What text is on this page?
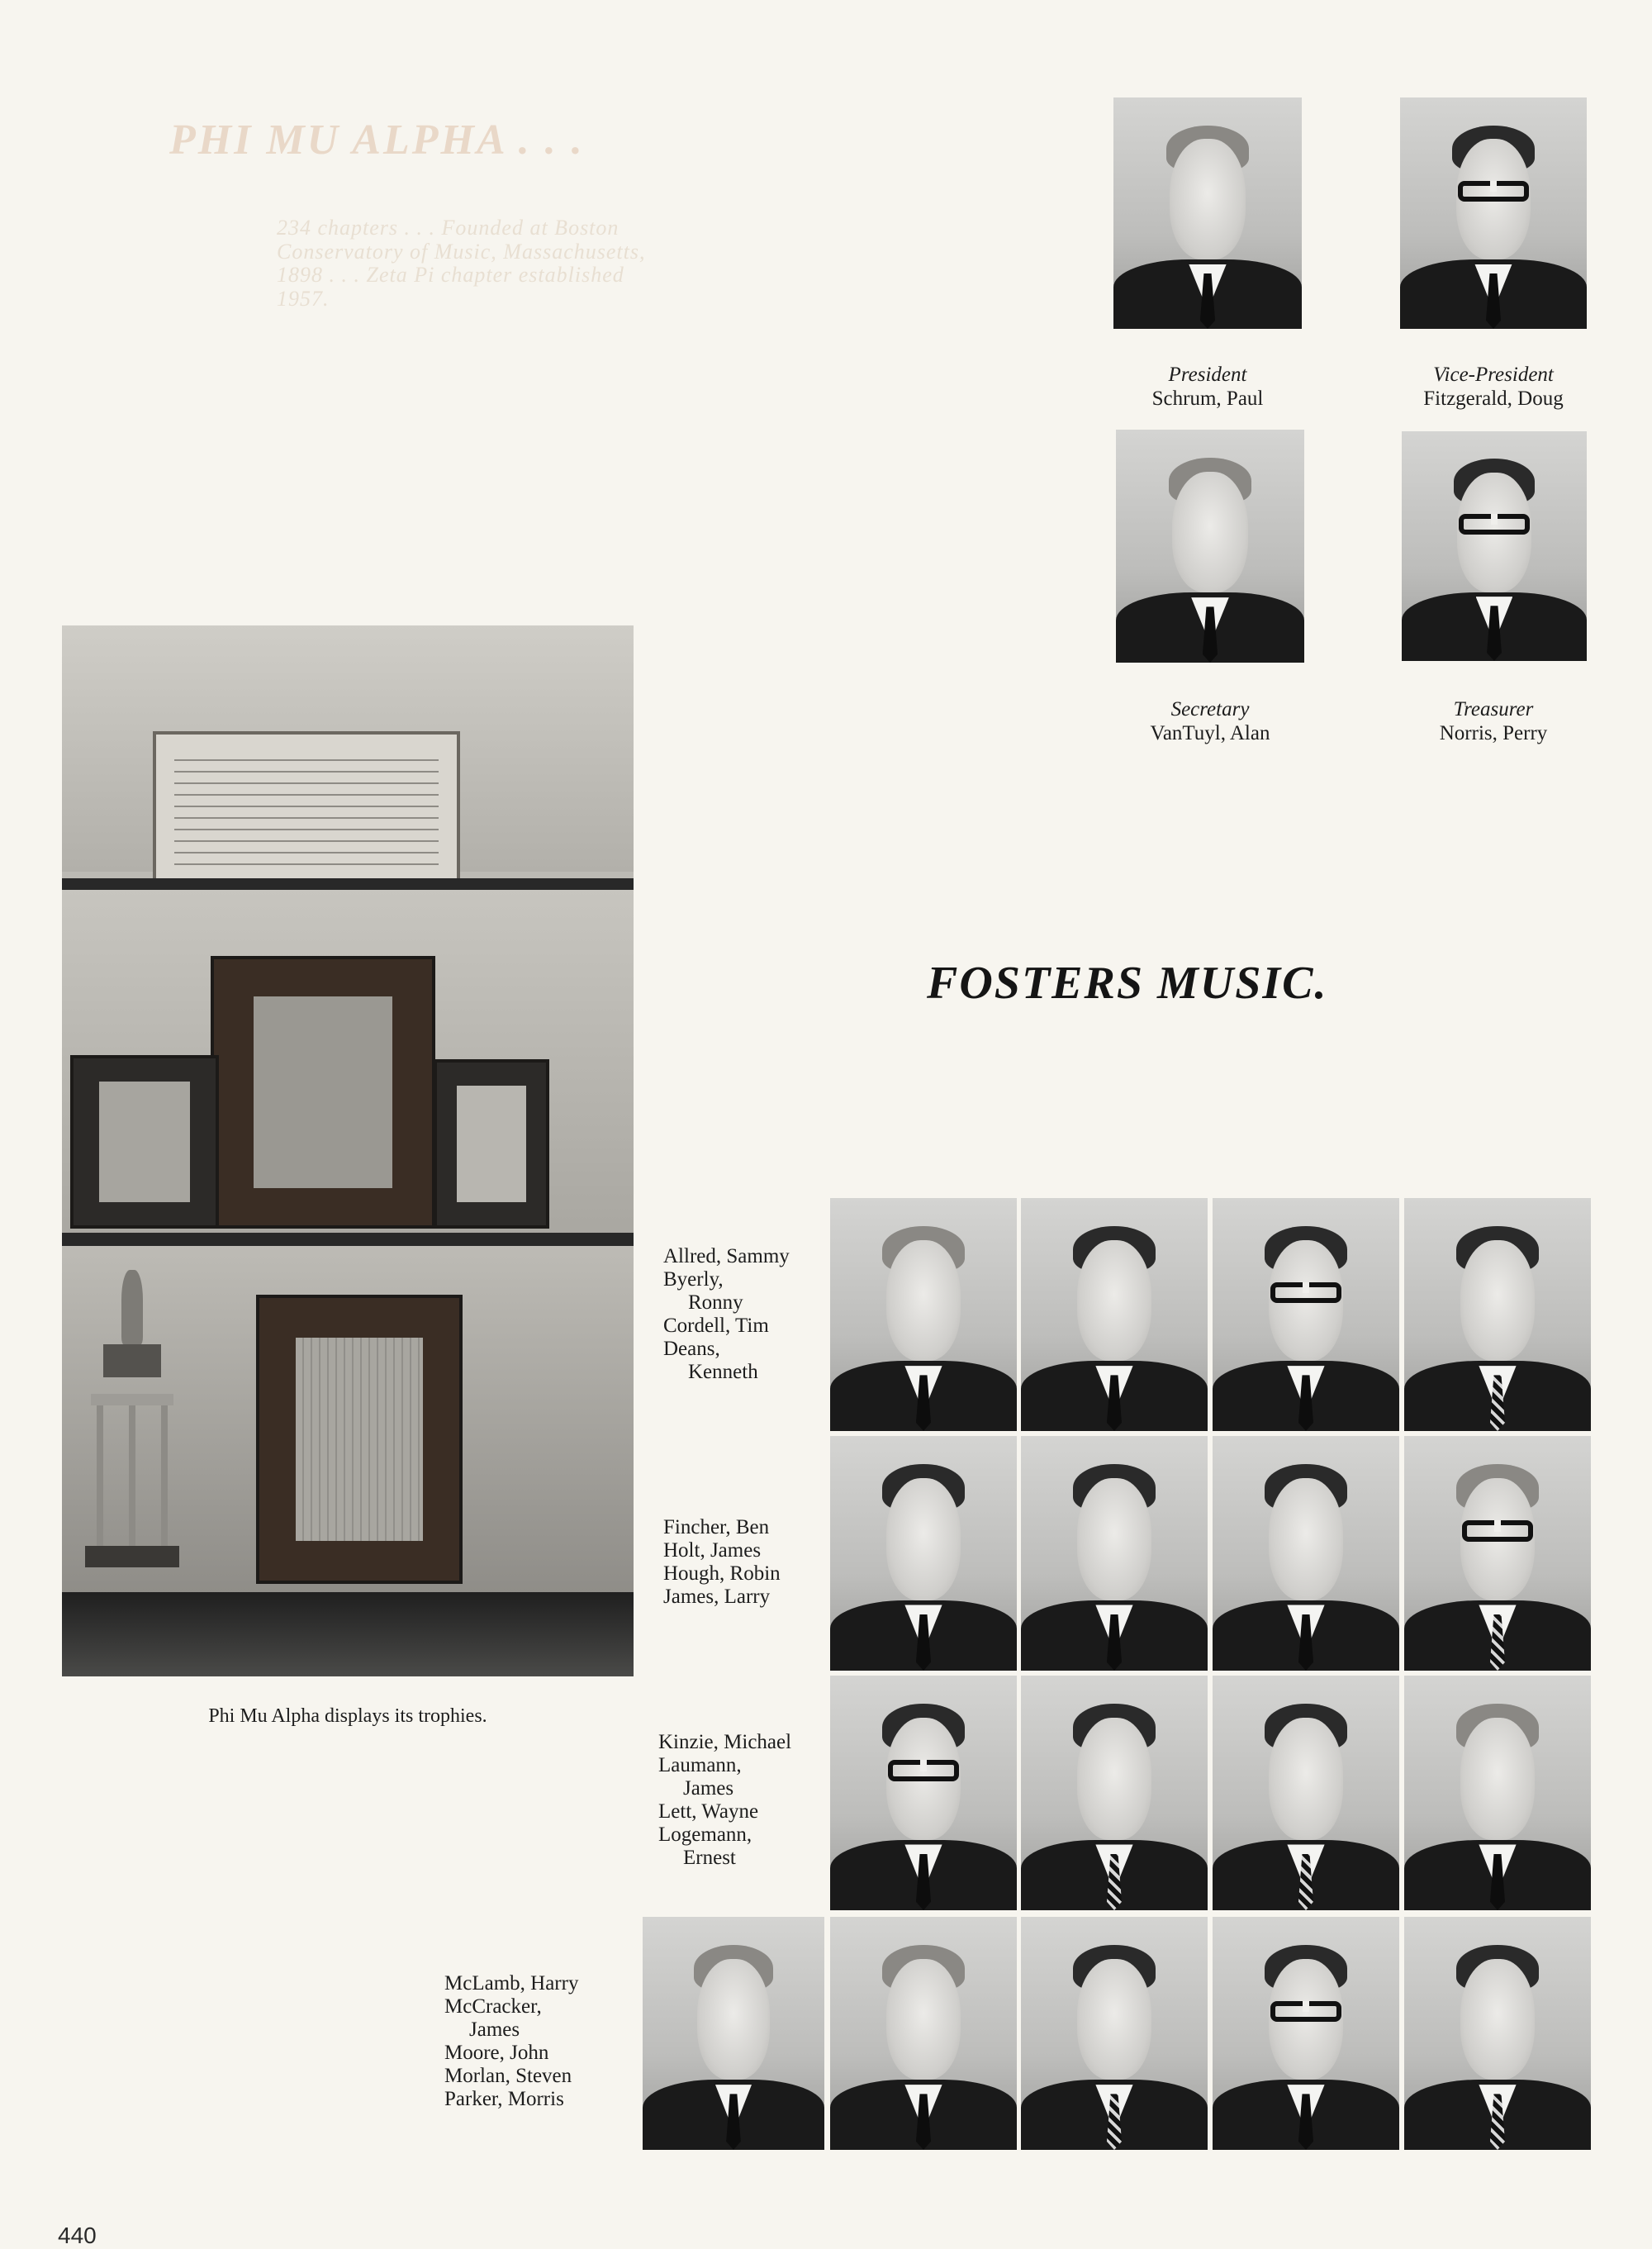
PHI MU ALPHA . . .
234 chapters . . . Founded at Boston Conservatory of Music, Massachusetts, 1898 . . . Zeta Pi chapter established 1957.
President
Schrum, Paul
Vice-President
Fitzgerald, Doug
Secretary
VanTuyl, Alan
Treasurer
Norris, Perry
FOSTERS MUSIC.
Phi Mu Alpha displays its trophies.
Allred, Sammy
Byerly,
Ronny
Cordell, Tim
Deans,
Kenneth
Fincher, Ben
Holt, James
Hough, Robin
James, Larry
Kinzie, Michael
Laumann,
James
Lett, Wayne
Logemann,
Ernest
McLamb, Harry
McCracker,
James
Moore, John
Morlan, Steven
Parker, Morris
440
